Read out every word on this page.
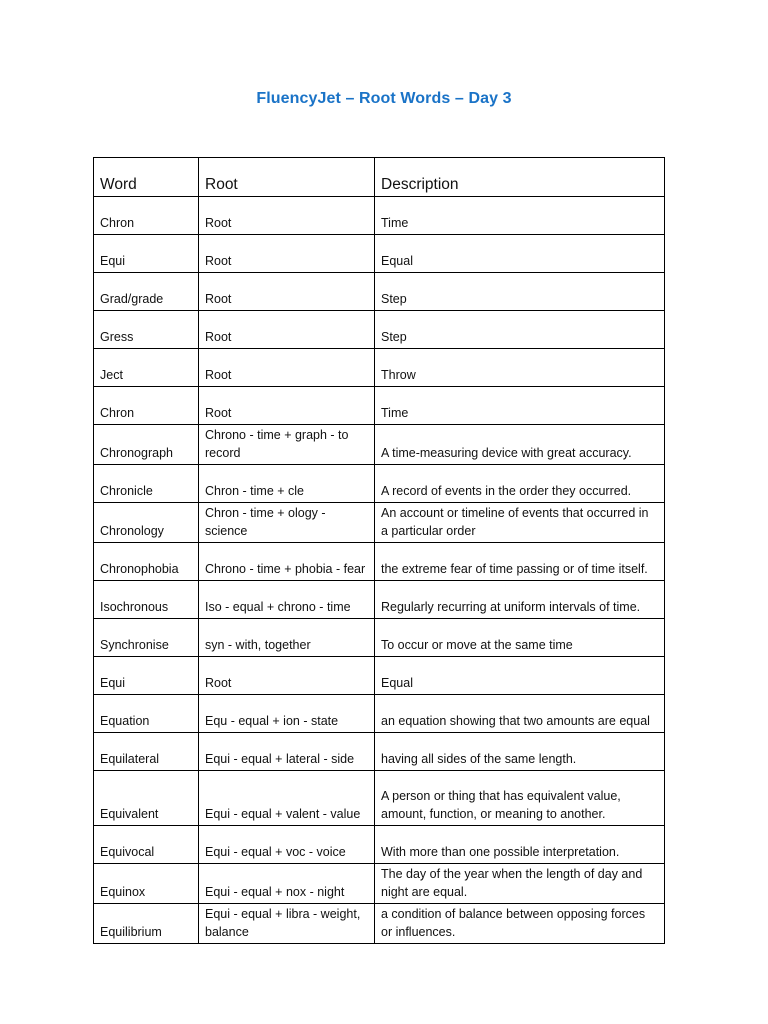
FluencyJet – Root Words – Day 3
Word	Root	Description
Chron	Root	Time
Equi	Root	Equal
Grad/grade	Root	Step
Gress	Root	Step
Ject	Root	Throw
Chron	Root	Time
Chronograph	Chrono - time + graph - to record	A time-measuring device with great accuracy.
Chronicle	Chron - time + cle	A record of events in the order they occurred.
Chronology	Chron - time + ology - science	An account or timeline of events that occurred in a particular order
Chronophobia	Chrono - time + phobia - fear	the extreme fear of time passing or of time itself.
Isochronous	Iso - equal + chrono - time	Regularly recurring at uniform intervals of time.
Synchronise	syn - with, together	To occur or move at the same time
Equi	Root	Equal
Equation	Equ - equal + ion - state	an equation showing that two amounts are equal
Equilateral	Equi - equal + lateral - side	having all sides of the same length.
Equivalent	Equi - equal + valent - value	A person or thing that has equivalent value, amount, function, or meaning to another.
Equivocal	Equi - equal + voc - voice	With more than one possible interpretation.
Equinox	Equi - equal + nox - night	The day of the year when the length of day and night are equal.
Equilibrium	Equi - equal + libra - weight, balance	a condition of balance between opposing forces or influences.
